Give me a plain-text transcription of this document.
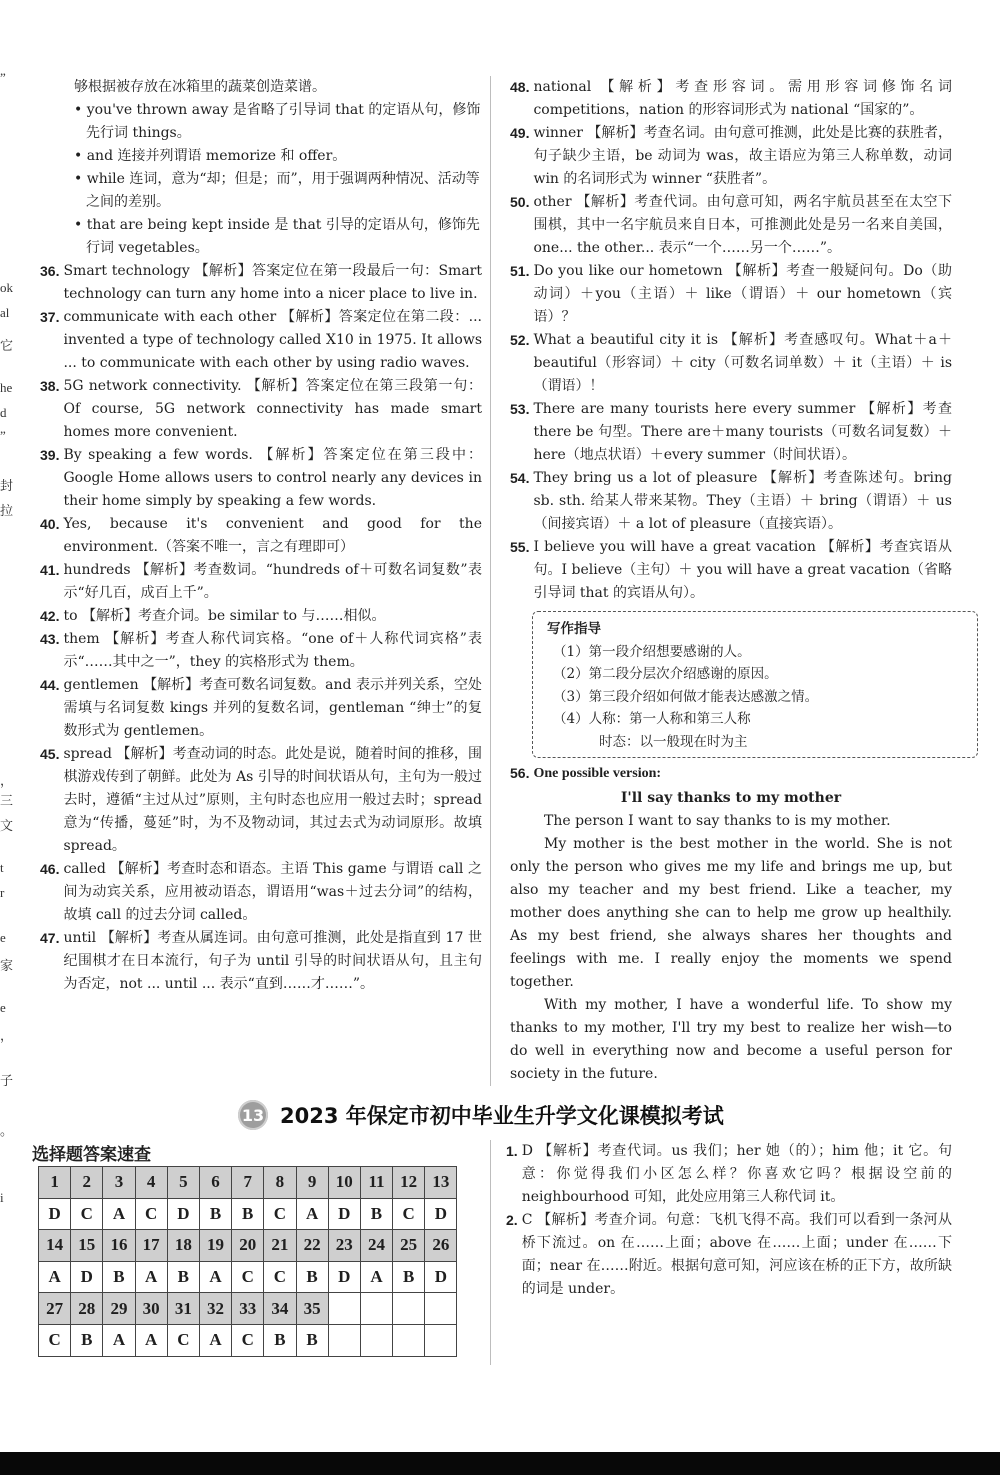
”
ok
al
它
he
d
”
封
拉
，
三
文
t
r
e
家
e
，
子
。
i
够根据被存放在冰箱里的蔬菜创造菜谱。
• you've thrown away 是省略了引导词 that 的定语从句，修饰先行词 things。
• and 连接并列谓语 memorize 和 offer。
• while 连词，意为“却；但是；而”，用于强调两种情况、活动等之间的差别。
• that are being kept inside 是 that 引导的定语从句，修饰先行词 vegetables。
36. Smart technology 【解析】答案定位在第一段最后一句：Smart technology can turn any home into a nicer place to live in.
37. communicate with each other 【解析】答案定位在第二段：... invented a type of technology called X10 in 1975. It allows ... to communicate with each other by using radio waves.
38. 5G network connectivity. 【解析】答案定位在第三段第一句：Of course, 5G network connectivity has made smart homes more convenient.
39. By speaking a few words. 【解析】答案定位在第三段中：Google Home allows users to control nearly any devices in their home simply by speaking a few words.
40. Yes, because it's convenient and good for the environment.（答案不唯一，言之有理即可）
41. hundreds 【解析】考查数词。“hundreds of＋可数名词复数”表示“好几百，成百上千”。
42. to 【解析】考查介词。be similar to 与……相似。
43. them 【解析】考查人称代词宾格。“one of＋人称代词宾格”表示“……其中之一”，they 的宾格形式为 them。
44. gentlemen 【解析】考查可数名词复数。and 表示并列关系，空处需填与名词复数 kings 并列的复数名词，gentleman “绅士”的复数形式为 gentlemen。
45. spread 【解析】考查动词的时态。此处是说，随着时间的推移，围棋游戏传到了朝鲜。此处为 As 引导的时间状语从句，主句为一般过去时，遵循“主过从过”原则，主句时态也应用一般过去时；spread 意为“传播，蔓延”时，为不及物动词，其过去式为动词原形。故填 spread。
46. called 【解析】考查时态和语态。主语 This game 与谓语 call 之间为动宾关系，应用被动语态，谓语用“was＋过去分词”的结构，故填 call 的过去分词 called。
47. until 【解析】考查从属连词。由句意可推测，此处是指直到 17 世纪围棋才在日本流行，句子为 until 引导的时间状语从句，且主句为否定，not ... until ... 表示“直到……才……”。
48. national 【解析】考查形容词。需用形容词修饰名词 competitions，nation 的形容词形式为 national “国家的”。
49. winner 【解析】考查名词。由句意可推测，此处是比赛的获胜者，句子缺少主语，be 动词为 was，故主语应为第三人称单数，动词 win 的名词形式为 winner “获胜者”。
50. other 【解析】考查代词。由句意可知，两名宇航员甚至在太空下围棋，其中一名宇航员来自日本，可推测此处是另一名来自美国，one... the other... 表示“一个……另一个……”。
51. Do you like our hometown 【解析】考查一般疑问句。Do（助动词）＋you（主语）＋ like（谓语）＋ our hometown（宾语）？
52. What a beautiful city it is 【解析】考查感叹句。What＋a＋beautiful（形容词）＋ city（可数名词单数）＋ it（主语）＋ is（谓语）！
53. There are many tourists here every summer 【解析】考查 there be 句型。There are＋many tourists（可数名词复数）＋ here（地点状语）＋every summer（时间状语）。
54. They bring us a lot of pleasure 【解析】考查陈述句。bring sb. sth. 给某人带来某物。They（主语）＋ bring（谓语）＋ us（间接宾语）＋ a lot of pleasure（直接宾语）。
55. I believe you will have a great vacation 【解析】考查宾语从句。I believe（主句）＋ you will have a great vacation（省略引导词 that 的宾语从句）。
写作指导
（1）第一段介绍想要感谢的人。
（2）第二段分层次介绍感谢的原因。
（3）第三段介绍如何做才能表达感激之情。
（4）人称：第一人称和第三人称
时态：以一般现在时为主
56. One possible version:
I'll say thanks to my mother

The person I want to say thanks to is my mother.

My mother is the best mother in the world. She is not only the person who gives me my life and brings me up, but also my teacher and my best friend. Like a teacher, my mother does anything she can to help me grow up healthily. As my best friend, she always shares her thoughts and feelings with me. I really enjoy the moments we spend together.

With my mother, I have a wonderful life. To show my thanks to my mother, I'll try my best to realize her wish—to do well in everything now and become a useful person for society in the future.

13 2023 年保定市初中毕业生升学文化课模拟考试
选择题答案速查
1	2	3	4	5	6	7	8	9	10	11	12	13
D	C	A	C	D	B	B	C	A	D	B	C	D
14	15	16	17	18	19	20	21	22	23	24	25	26
A	D	B	A	B	A	C	C	B	D	A	B	D
27	28	29	30	31	32	33	34	35				
C	B	A	A	C	A	C	B	B				
1. D 【解析】考查代词。us 我们；her 她（的）；him 他；it 它。句意：你觉得我们小区怎么样？你喜欢它吗？根据设空前的 neighbourhood 可知，此处应用第三人称代词 it。
2. C 【解析】考查介词。句意：飞机飞得不高。我们可以看到一条河从桥下流过。on 在……上面；above 在……上面；under 在……下面；near 在……附近。根据句意可知，河应该在桥的正下方，故所缺的词是 under。
